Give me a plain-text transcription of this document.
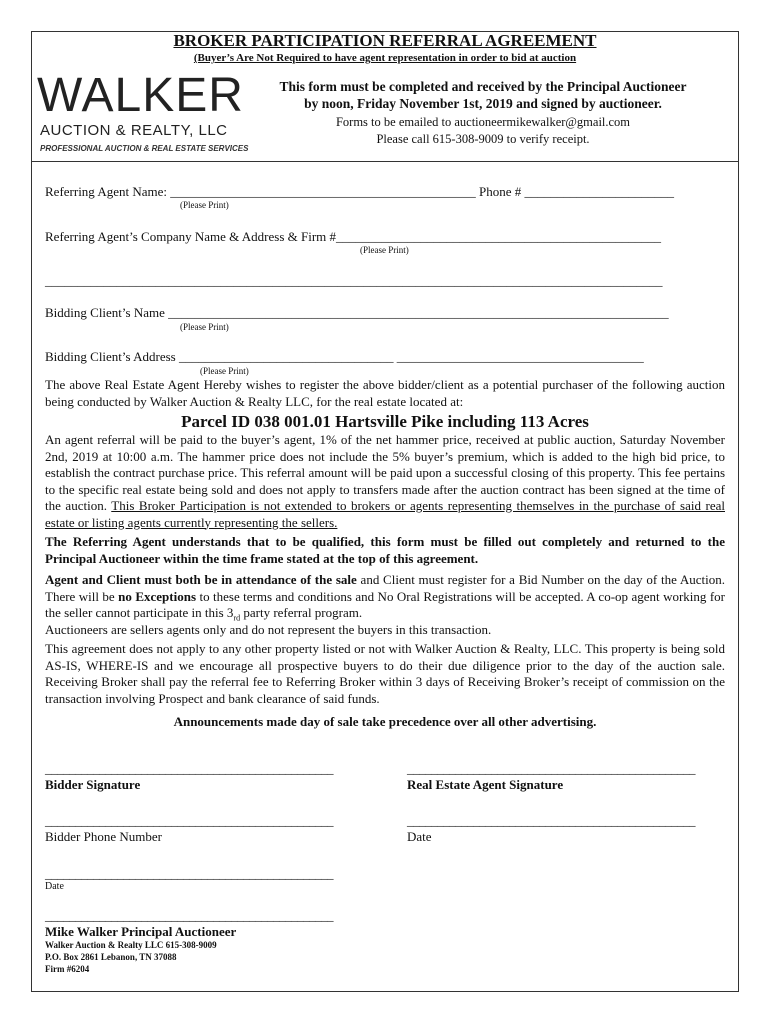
BROKER PARTICIPATION REFERRAL AGREEMENT
(Buyer’s Are Not Required to have agent representation in order to bid at auction
WALKER
AUCTION & REALTY, LLC
PROFESSIONAL AUCTION & REAL ESTATE SERVICES
This form must be completed and received by the Principal Auctioneer
by noon, Friday November 1st, 2019 and signed by auctioneer.
Forms to be emailed to auctioneermikewalker@gmail.com
Please call 615-308-9009 to verify receipt.
Referring Agent Name: _______________________________________________ Phone # _______________________
(Please Print)
Referring Agent’s Company Name & Address & Firm #__________________________________________________
(Please Print)
_______________________________________________________________________________________________
Bidding Client’s Name _____________________________________________________________________________
(Please Print)
Bidding Client’s Address _________________________________ ______________________________________
(Please Print)
The above Real Estate Agent Hereby wishes to register the above bidder/client as a potential purchaser of the following auction being conducted by Walker Auction & Realty LLC, for the real estate located at:
Parcel ID 038 001.01 Hartsville Pike including 113 Acres
An agent referral will be paid to the buyer’s agent, 1% of the net hammer price, received at public auction, Saturday November 2nd, 2019 at 10:00 a.m. The hammer price does not include the 5% buyer’s premium, which is added to the high bid price, to establish the contract purchase price. This referral amount will be paid upon a successful closing of this property. This fee pertains to the specific real estate being sold and does not apply to transfers made after the auction contract has been signed at the time of the auction. This Broker Participation is not extended to brokers or agents representing themselves in the purchase of said real estate or listing agents currently representing the sellers.
The Referring Agent understands that to be qualified, this form must be filled out completely and returned to the Principal Auctioneer within the time frame stated at the top of this agreement.
Agent and Client must both be in attendance of the sale and Client must register for a Bid Number on the day of the Auction. There will be no Exceptions to these terms and conditions and No Oral Registrations will be accepted. A co-op agent working for the seller cannot participate in this $3_{rd}$ party referral program.
Auctioneers are sellers agents only and do not represent the buyers in this transaction.
This agreement does not apply to any other property listed or not with Walker Auction & Realty, LLC. This property is being sold AS-IS, WHERE-IS and we encourage all prospective buyers to do their due diligence prior to the day of the auction sale. Receiving Broker shall pay the referral fee to Referring Broker within 3 days of Receiving Broker’s receipt of commission on the transaction involving Prospect and bank clearance of said funds.
Announcements made day of sale take precedence over all other advertising.
________________________________________________	________________________________________________
Bidder Signature	Real Estate Agent Signature
________________________________________________	________________________________________________
Bidder Phone Number	Date
________________________________________________
Date
________________________________________________
Mike Walker Principal Auctioneer
Walker Auction & Realty LLC 615-308-9009
P.O. Box 2861 Lebanon, TN 37088
Firm #6204
